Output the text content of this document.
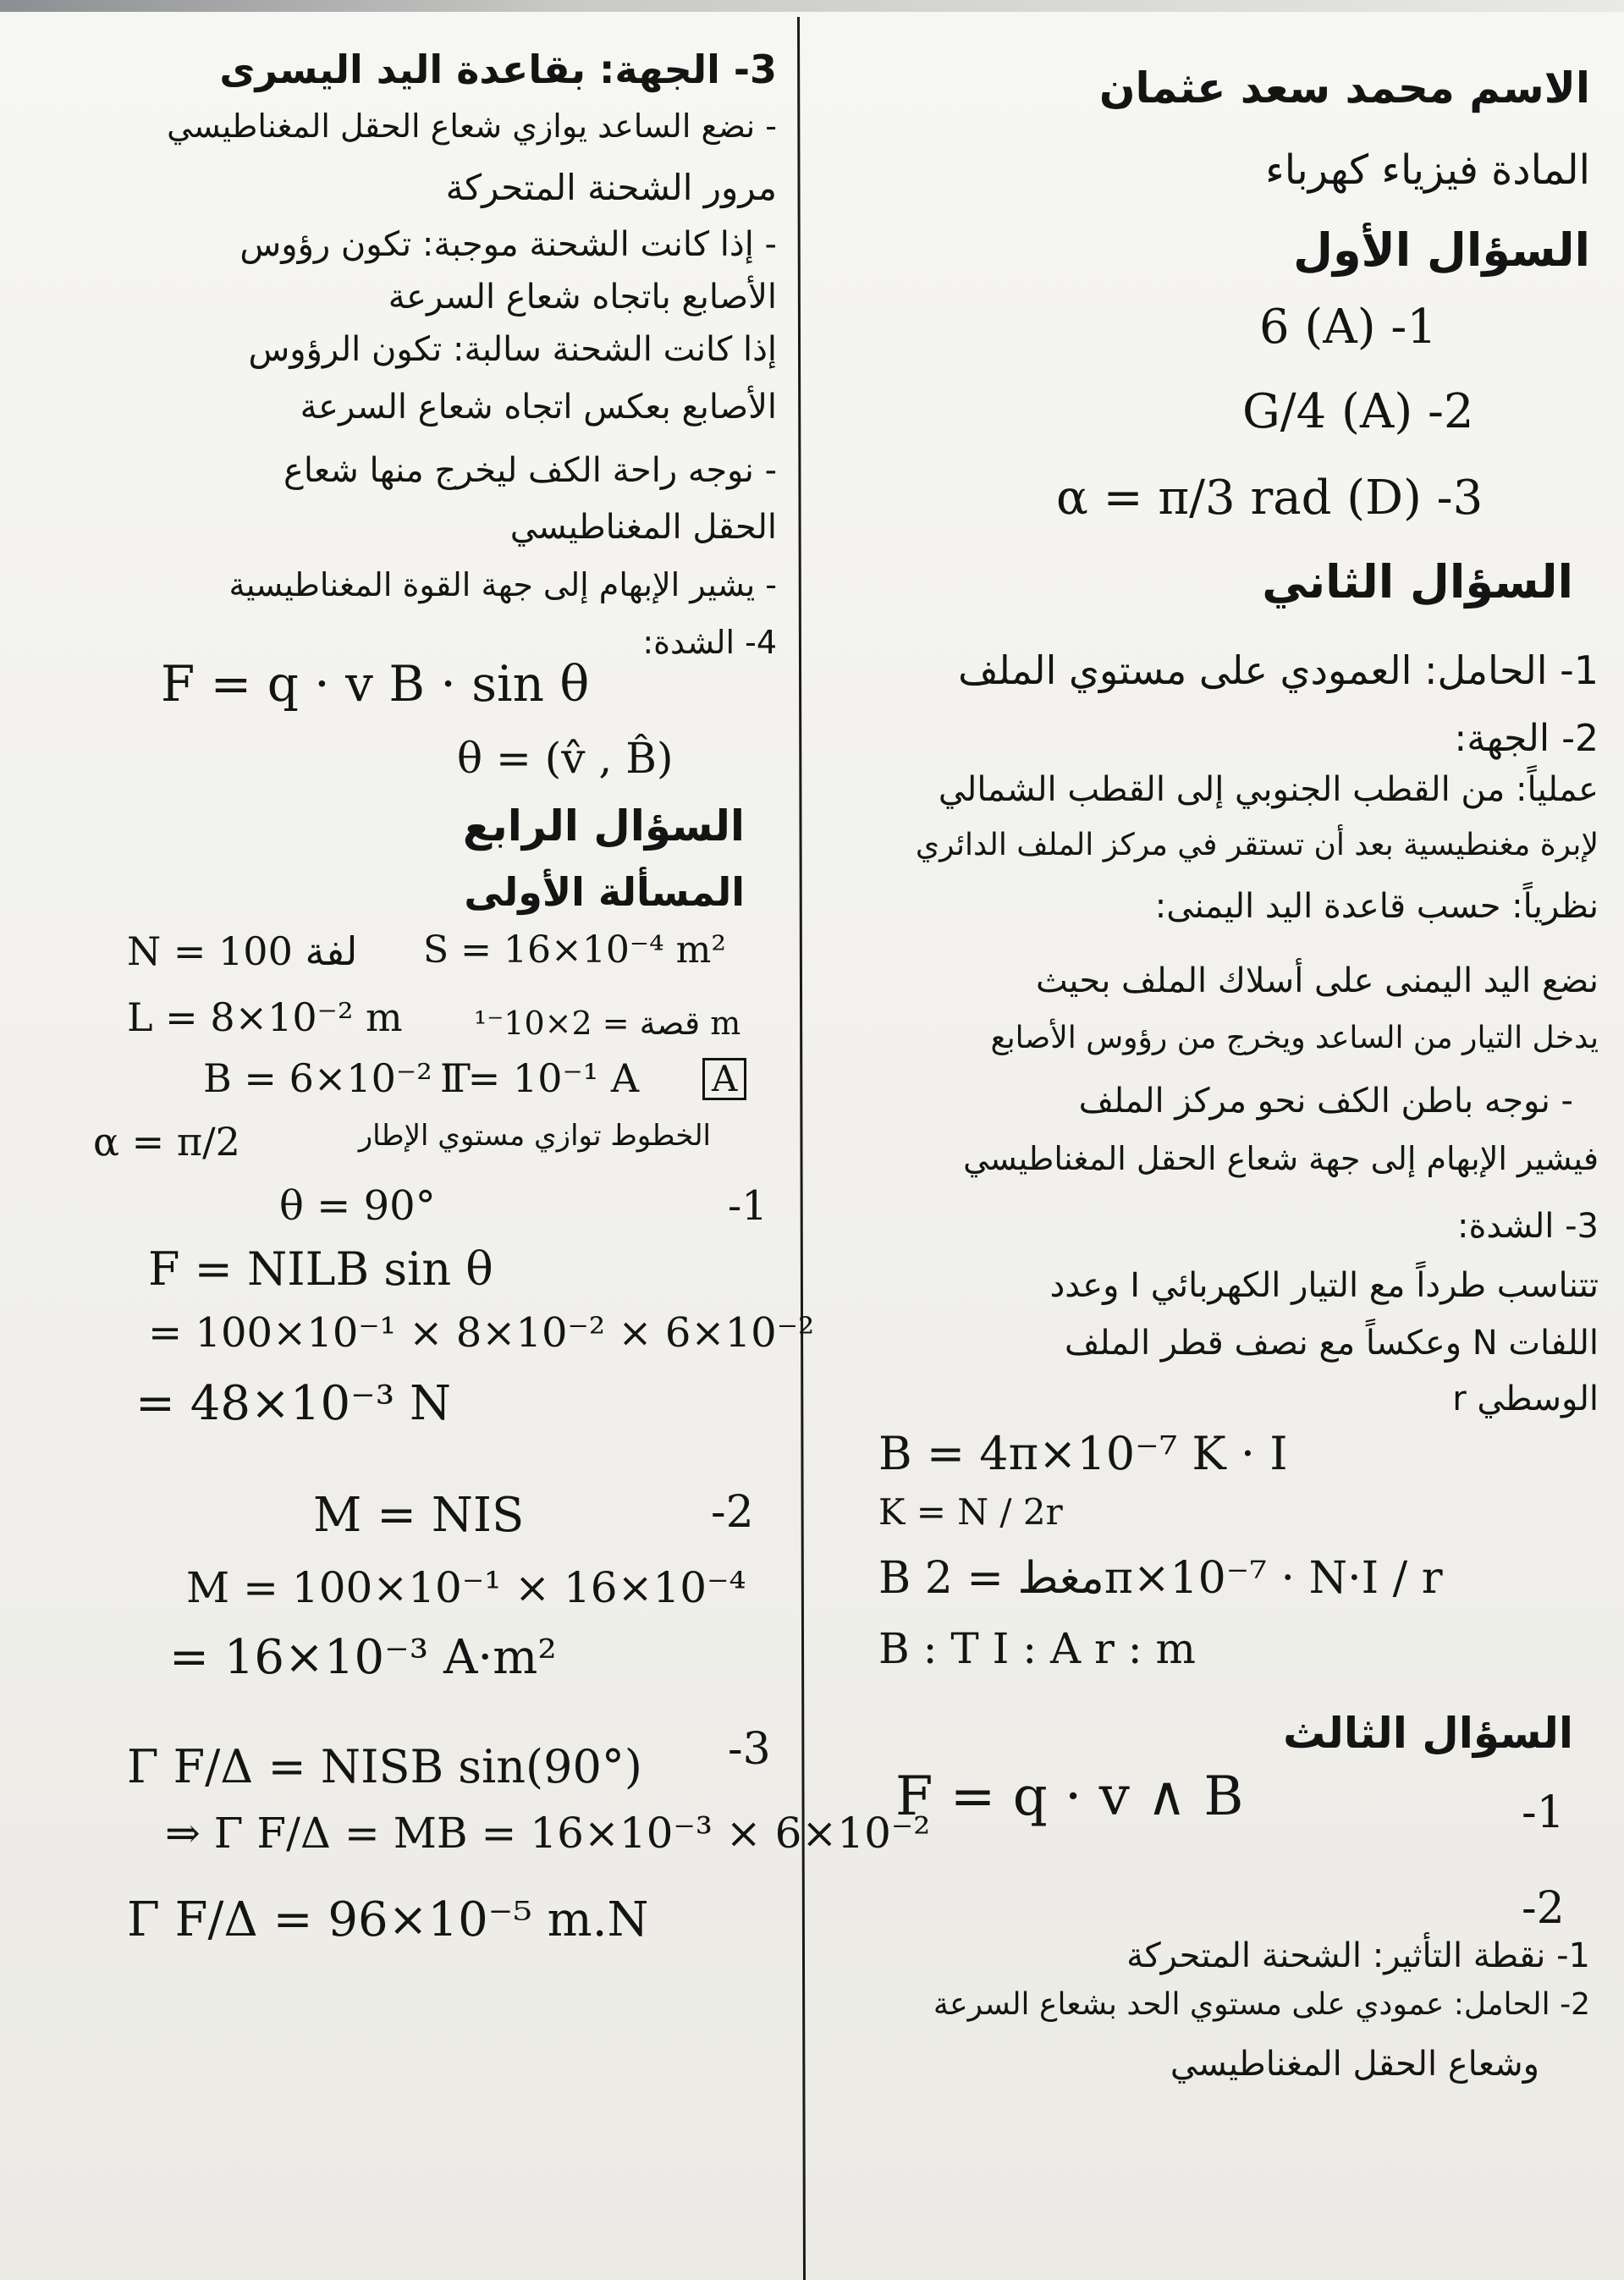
الاسم محمد سعد عثمان
المادة فيزياء كهرباء
السؤال الأول
6 (A) -1
G/4 (A) -2
α = π/3 rad (D) -3
السؤال الثاني
1- الحامل: العمودي على مستوي الملف
2- الجهة:
عملياً: من القطب الجنوبي إلى القطب الشمالي
لإبرة مغنطيسية بعد أن تستقر في مركز الملف الدائري
نظرياً: حسب قاعدة اليد اليمنى:
نضع اليد اليمنى على أسلاك الملف بحيث
يدخل التيار من الساعد ويخرج من رؤوس الأصابع
- نوجه باطن الكف نحو مركز الملف
فيشير الإبهام إلى جهة شعاع الحقل المغناطيسي
3- الشدة:
تتناسب طرداً مع التيار الكهربائي I وعدد
اللفات N وعكساً مع نصف قطر الملف
الوسطي r
B = 4π×10⁻⁷ K · I
K = N / 2r
B مغط = 2π×10⁻⁷ · N·I / r
B : T I : A r : m
السؤال الثالث
F = q · v ∧ B	-1
-2
1- نقطة التأثير: الشحنة المتحركة
2- الحامل: عمودي على مستوي الحد بشعاع السرعة
وشعاع الحقل المغناطيسي
3- الجهة: بقاعدة اليد اليسرى
- نضع الساعد يوازي شعاع الحقل المغناطيسي
مرور الشحنة المتحركة
- إذا كانت الشحنة موجبة: تكون رؤوس
الأصابع باتجاه شعاع السرعة
إذا كانت الشحنة سالبة: تكون الرؤوس
الأصابع بعكس اتجاه شعاع السرعة
- نوجه راحة الكف ليخرج منها شعاع
الحقل المغناطيسي
- يشير الإبهام إلى جهة القوة المغناطيسية
4- الشدة:
F = q · v B · sin θ
θ = (v̂ , B̂)
السؤال الرابع
المسألة الأولى
N = 100 لفة S = 16×10⁻⁴ m²
L = 8×10⁻² m قصة = 2×10⁻¹ m
B = 6×10⁻² T
I = 10⁻¹ A A
α = π/2	الخطوط توازي مستوي الإطار
-1
θ = 90°
F = NILB sin θ
= 100×10⁻¹ × 8×10⁻² × 6×10⁻²
= 48×10⁻³ N
-2
M = NIS
M = 100×10⁻¹ × 16×10⁻⁴
= 16×10⁻³ A·m²
-3
Γ F/Δ = NISB sin(90°)
⇒ Γ F/Δ = MB = 16×10⁻³ × 6×10⁻²
Γ F/Δ = 96×10⁻⁵ m.N
